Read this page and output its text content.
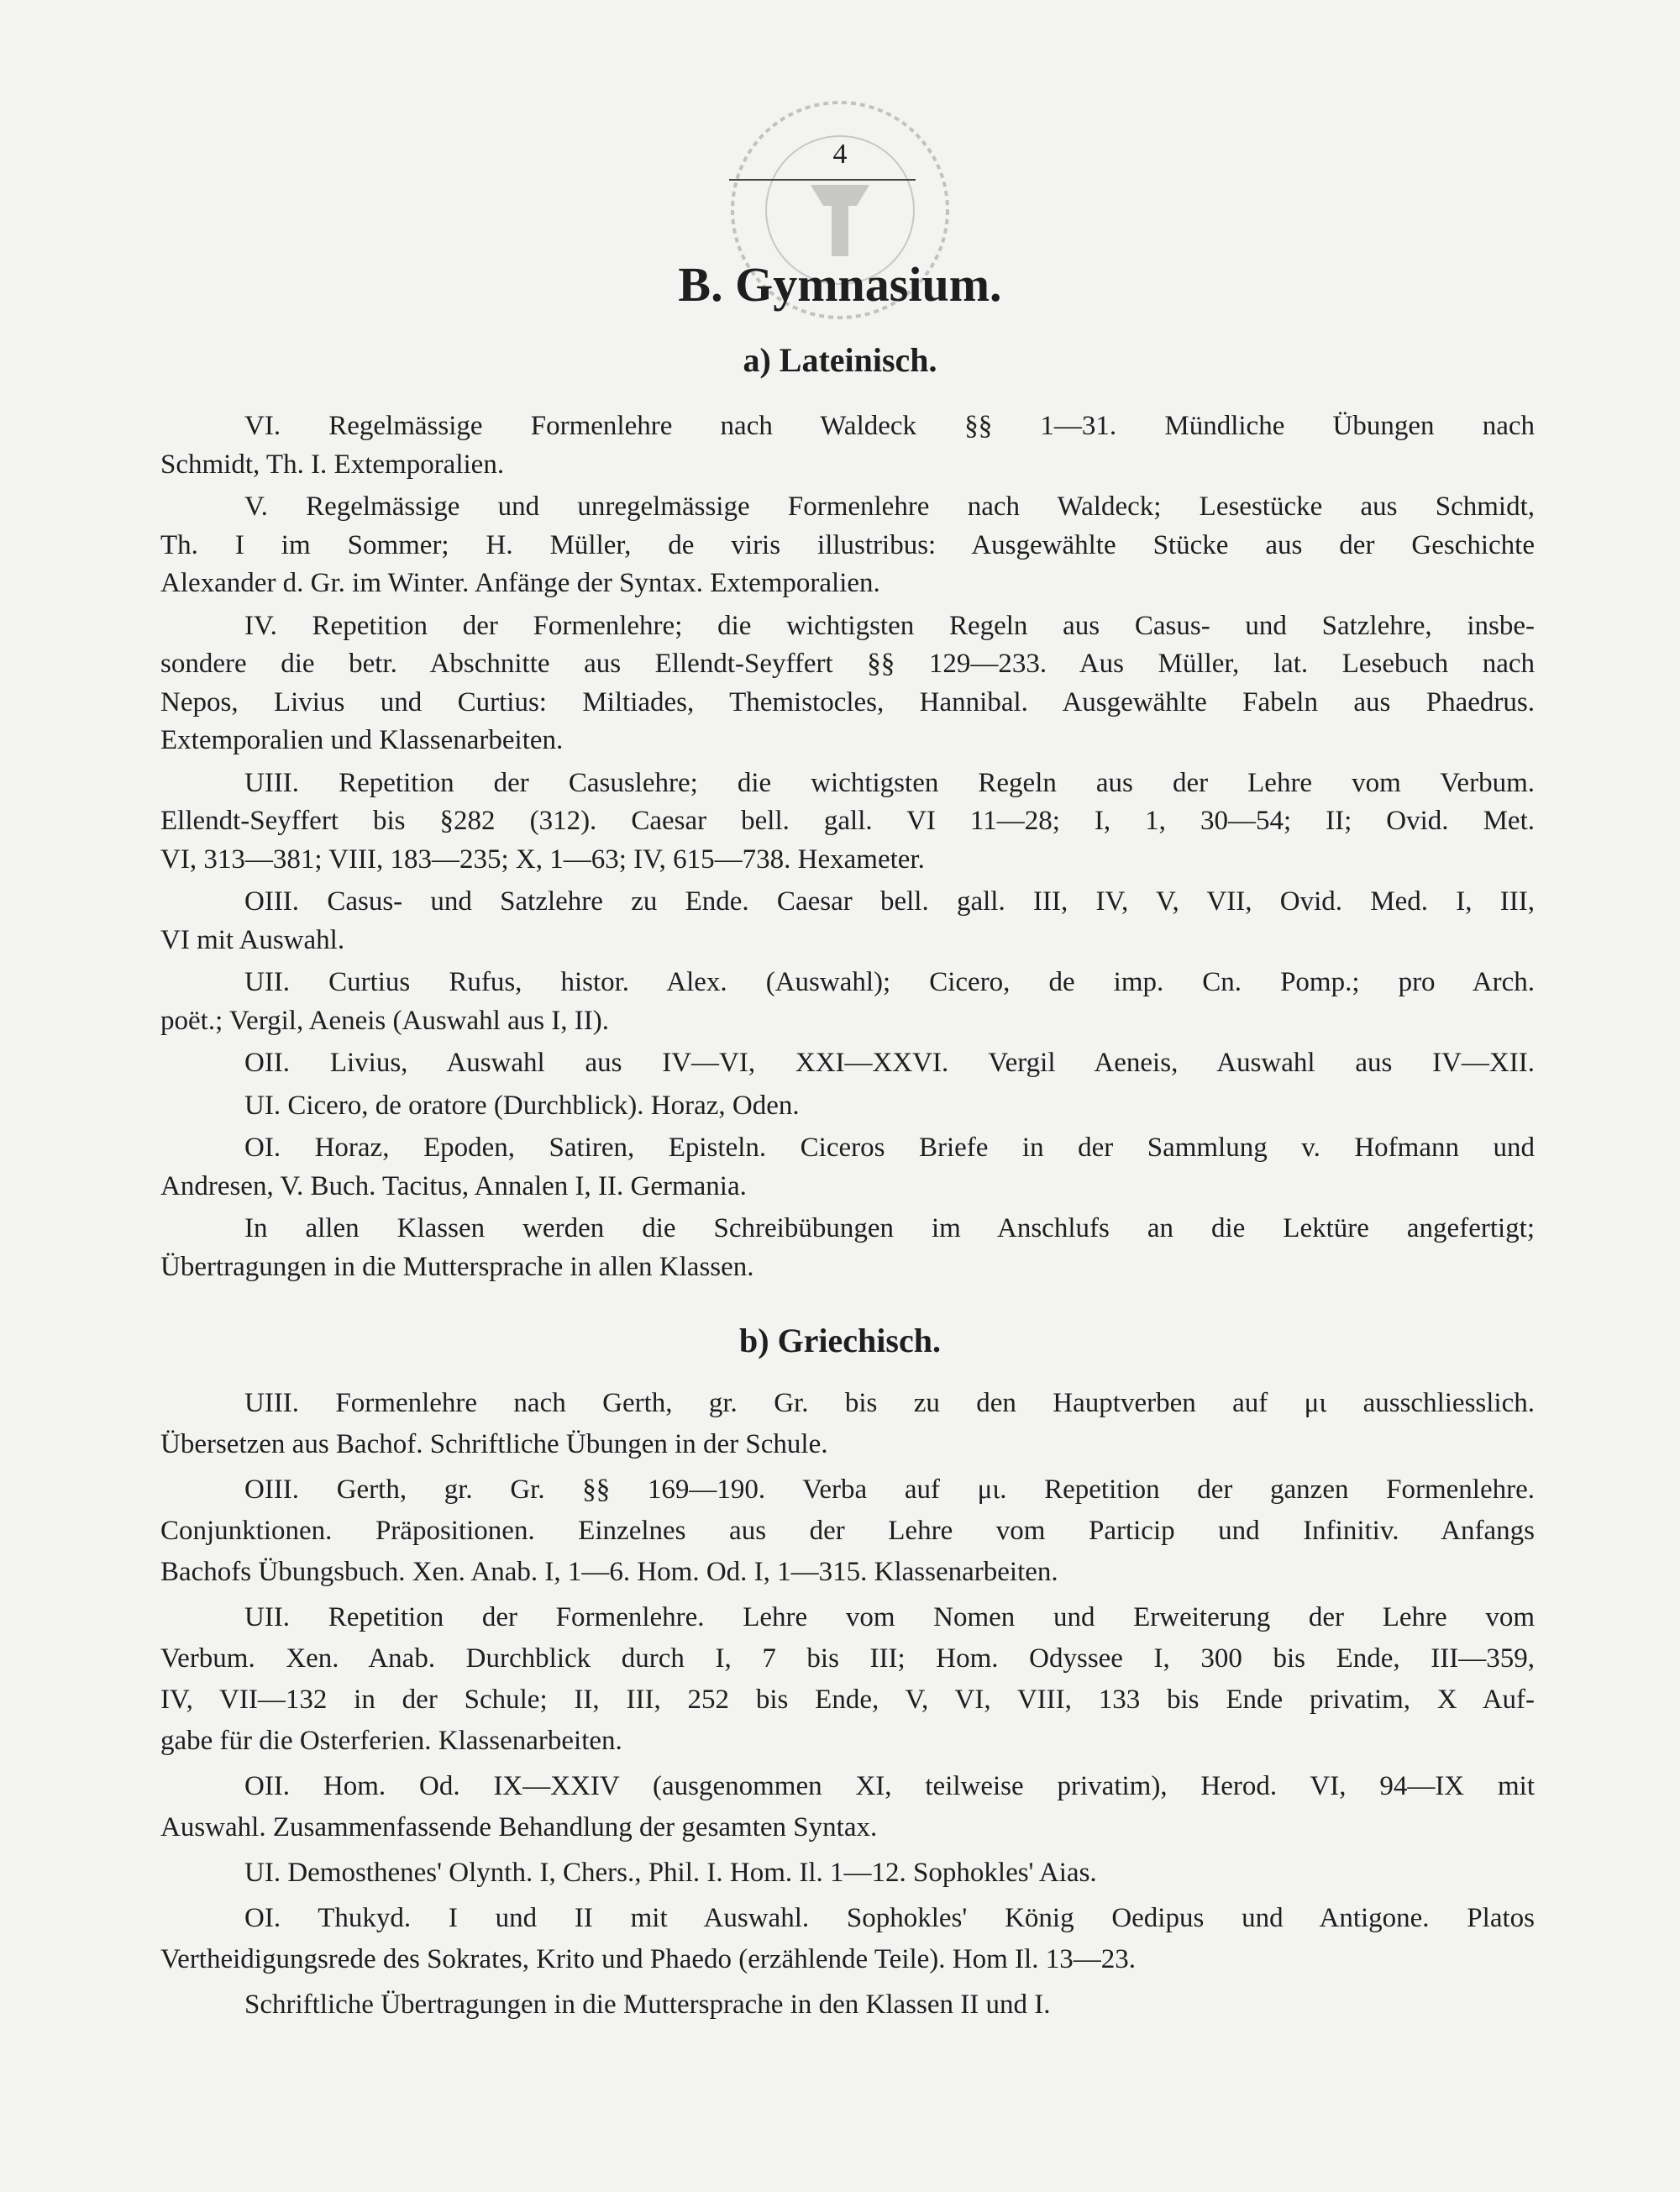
4
B. Gymnasium.
a) Lateinisch.
VI. Regelmässige Formenlehre nach Waldeck §§ 1—31. Mündliche Übungen nach
Schmidt, Th. I. Extemporalien.
V. Regelmässige und unregelmässige Formenlehre nach Waldeck; Lesestücke aus Schmidt,
Th. I im Sommer; H. Müller, de viris illustribus: Ausgewählte Stücke aus der Geschichte
Alexander d. Gr. im Winter. Anfänge der Syntax. Extemporalien.
IV. Repetition der Formenlehre; die wichtigsten Regeln aus Casus- und Satzlehre, insbe-
sondere die betr. Abschnitte aus Ellendt-Seyffert §§ 129—233. Aus Müller, lat. Lesebuch nach
Nepos, Livius und Curtius: Miltiades, Themistocles, Hannibal. Ausgewählte Fabeln aus Phaedrus.
Extemporalien und Klassenarbeiten.
UIII. Repetition der Casuslehre; die wichtigsten Regeln aus der Lehre vom Verbum.
Ellendt-Seyffert bis §282 (312). Caesar bell. gall. VI 11—28; I, 1, 30—54; II; Ovid. Met.
VI, 313—381; VIII, 183—235; X, 1—63; IV, 615—738. Hexameter.
OIII. Casus- und Satzlehre zu Ende. Caesar bell. gall. III, IV, V, VII, Ovid. Med. I, III,
VI mit Auswahl.
UII. Curtius Rufus, histor. Alex. (Auswahl); Cicero, de imp. Cn. Pomp.; pro Arch.
poët.; Vergil, Aeneis (Auswahl aus I, II).
OII. Livius, Auswahl aus IV—VI, XXI—XXVI. Vergil Aeneis, Auswahl aus IV—XII.
UI. Cicero, de oratore (Durchblick). Horaz, Oden.
OI. Horaz, Epoden, Satiren, Episteln. Ciceros Briefe in der Sammlung v. Hofmann und
Andresen, V. Buch. Tacitus, Annalen I, II. Germania.
In allen Klassen werden die Schreibübungen im Anschlufs an die Lektüre angefertigt;
Übertragungen in die Muttersprache in allen Klassen.
b) Griechisch.
UIII. Formenlehre nach Gerth, gr. Gr. bis zu den Hauptverben auf μι ausschliesslich.
Übersetzen aus Bachof. Schriftliche Übungen in der Schule.
OIII. Gerth, gr. Gr. §§ 169—190. Verba auf μι. Repetition der ganzen Formenlehre.
Conjunktionen. Präpositionen. Einzelnes aus der Lehre vom Particip und Infinitiv. Anfangs
Bachofs Übungsbuch. Xen. Anab. I, 1—6. Hom. Od. I, 1—315. Klassenarbeiten.
UII. Repetition der Formenlehre. Lehre vom Nomen und Erweiterung der Lehre vom
Verbum. Xen. Anab. Durchblick durch I, 7 bis III; Hom. Odyssee I, 300 bis Ende, III—359,
IV, VII—132 in der Schule; II, III, 252 bis Ende, V, VI, VIII, 133 bis Ende privatim, X Auf-
gabe für die Osterferien. Klassenarbeiten.
OII. Hom. Od. IX—XXIV (ausgenommen XI, teilweise privatim), Herod. VI, 94—IX mit
Auswahl. Zusammenfassende Behandlung der gesamten Syntax.
UI. Demosthenes' Olynth. I, Chers., Phil. I. Hom. Il. 1—12. Sophokles' Aias.
OI. Thukyd. I und II mit Auswahl. Sophokles' König Oedipus und Antigone. Platos
Vertheidigungsrede des Sokrates, Krito und Phaedo (erzählende Teile). Hom Il. 13—23.
Schriftliche Übertragungen in die Muttersprache in den Klassen II und I.
